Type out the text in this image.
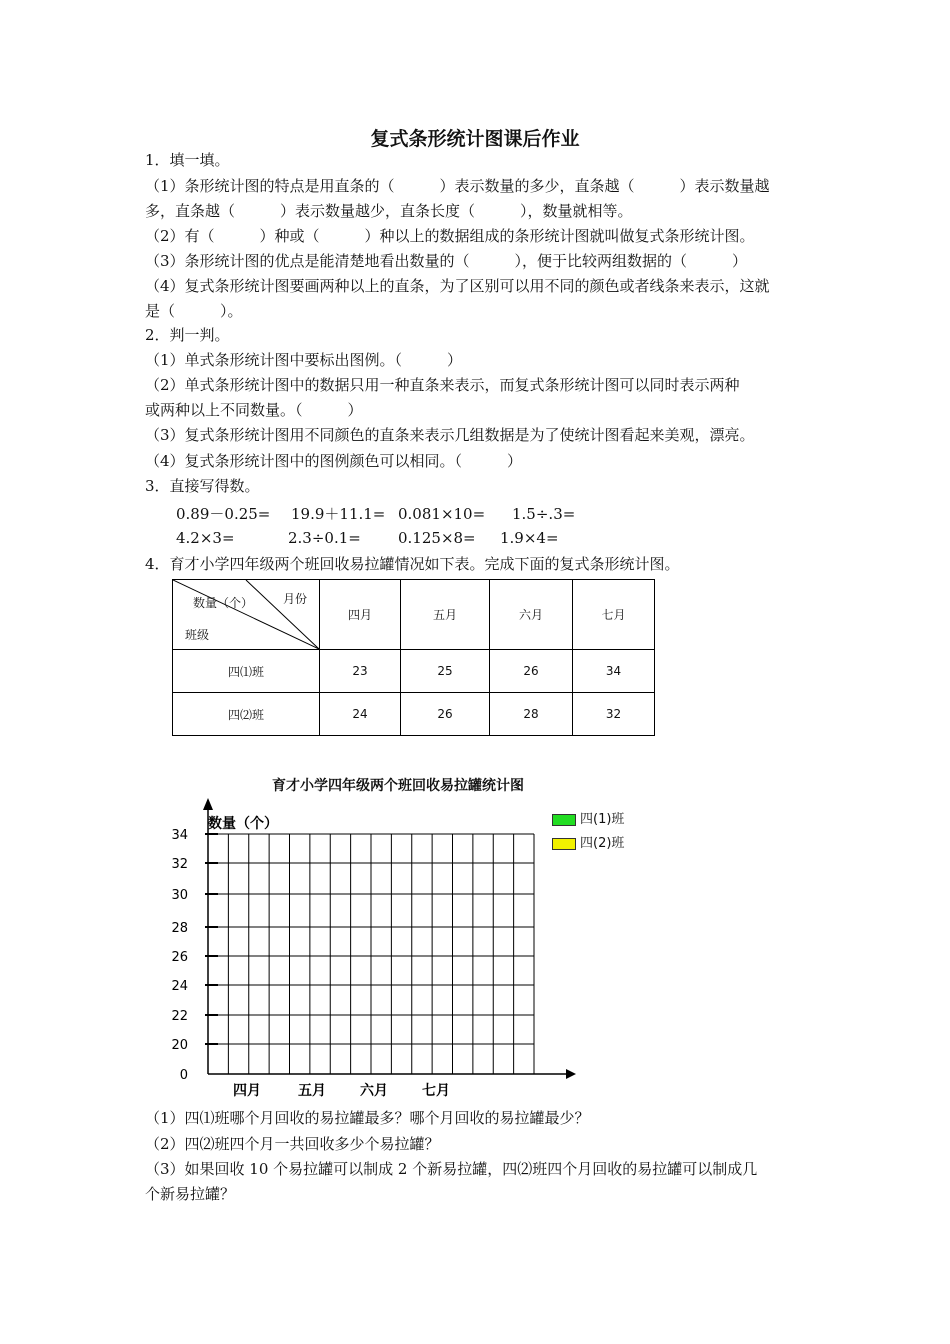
复式条形统计图课后作业
1．填一填。
（1）条形统计图的特点是用直条的（　　　）表示数量的多少，直条越（　　　）表示数量越
多，直条越（　　　）表示数量越少，直条长度（　　　），数量就相等。
（2）有（　　　）种或（　　　）种以上的数据组成的条形统计图就叫做复式条形统计图。
（3）条形统计图的优点是能清楚地看出数量的（　　　），便于比较两组数据的（　　　）
（4）复式条形统计图要画两种以上的直条，为了区别可以用不同的颜色或者线条来表示，这就
是（　　　）。
2．判一判。
（1）单式条形统计图中要标出图例。（　　　）
（2）单式条形统计图中的数据只用一种直条来表示，而复式条形统计图可以同时表示两种
或两种以上不同数量。（　　　）
（3）复式条形统计图用不同颜色的直条来表示几组数据是为了使统计图看起来美观，漂亮。
（4）复式条形统计图中的图例颜色可以相同。（　　　）
3．直接写得数。
0.89－0.25= 19.9＋11.1= 0.081×10= 1.5÷.3=
4.2×3=	2.3÷0.1= 0.125×8= 1.9×4=
4．育才小学四年级两个班回收易拉罐情况如下表。完成下面的复式条形统计图。
数量（个） 月份
班级	四月	五月	六月	七月
四⑴班	23	25	26	34
四⑵班	24	26	28	32
育才小学四年级两个班回收易拉罐统计图
0
20
22
24
26
28
30
32
34
数量（个）
四月	五月 六月 七月
四(1)班
四(2)班
（1）四⑴班哪个月回收的易拉罐最多？哪个月回收的易拉罐最少？
（2）四⑵班四个月一共回收多少个易拉罐？
（3）如果回收 10 个易拉罐可以制成 2 个新易拉罐，四⑵班四个月回收的易拉罐可以制成几
个新易拉罐？
